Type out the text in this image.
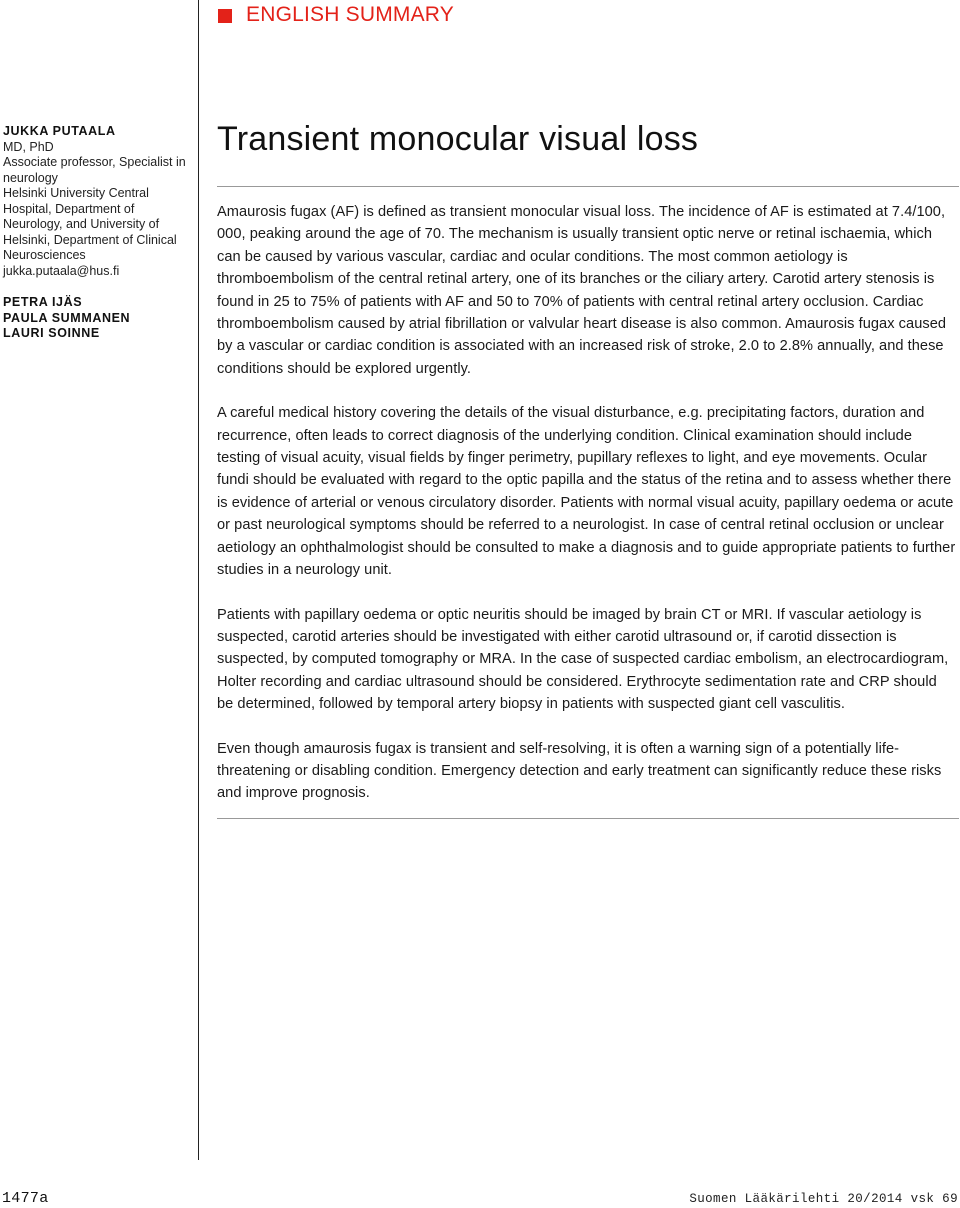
ENGLISH SUMMARY
JUKKA PUTAALA
MD, PhD
Associate professor, Specialist in
neurology
Helsinki University Central
Hospital, Department of
Neurology, and University of
Helsinki, Department of Clinical
Neurosciences
jukka.putaala@hus.fi
PETRA IJÄS
PAULA SUMMANEN
LAURI SOINNE
Transient monocular visual loss

Amaurosis fugax (AF) is defined as transient monocular visual loss. The incidence of AF is estimated at 7.4/100, 000, peaking around the age of 70. The mechanism is usually transient optic nerve or retinal ischaemia, which can be caused by various vascular, cardiac and ocular conditions. The most common aetiology is thromboembolism of the central retinal artery, one of its branches or the ciliary artery. Carotid artery stenosis is found in 25 to 75% of patients with AF and 50 to 70% of patients with central retinal artery occlusion. Cardiac thromboembolism caused by atrial fibrillation or valvular heart disease is also common. Amaurosis fugax caused by a vascular or cardiac condition is associated with an increased risk of stroke, 2.0 to 2.8% annually, and these conditions should be explored urgently.

A careful medical history covering the details of the visual disturbance, e.g. precipitating factors, duration and recurrence, often leads to correct diagnosis of the underlying condition. Clinical examination should include testing of visual acuity, visual fields by finger perimetry, pupillary reflexes to light, and eye movements. Ocular fundi should be evaluated with regard to the optic papilla and the status of the retina and to assess whether there is evidence of arterial or venous circulatory disorder. Patients with normal visual acuity, papillary oedema or acute or past neurological symptoms should be referred to a neurologist. In case of central retinal occlusion or unclear aetiology an ophthalmologist should be consulted to make a diagnosis and to guide appropriate patients to further studies in a neurology unit.

Patients with papillary oedema or optic neuritis should be imaged by brain CT or MRI. If vascular aetiology is suspected, carotid arteries should be investigated with either carotid ultrasound or, if carotid dissection is suspected, by computed tomography or MRA. In the case of suspected cardiac embolism, an electrocardiogram, Holter recording and cardiac ultrasound should be considered. Erythrocyte sedimentation rate and CRP should be determined, followed by temporal artery biopsy in patients with suspected giant cell vasculitis.

Even though amaurosis fugax is transient and self-resolving, it is often a warning sign of a potentially life-threatening or disabling condition. Emergency detection and early treatment can significantly reduce these risks and improve prognosis.

1477a	Suomen Lääkärilehti 20/2014 vsk 69
